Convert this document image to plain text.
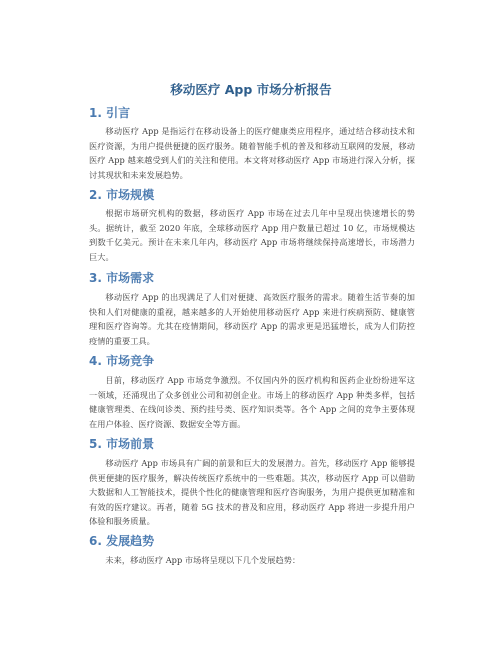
移动医疗 App 市场分析报告
1. 引言
移动医疗 App 是指运行在移动设备上的医疗健康类应用程序，通过结合移动技术和医疗资源，为用户提供便捷的医疗服务。随着智能手机的普及和移动互联网的发展，移动医疗 App 越来越受到人们的关注和使用。本文将对移动医疗 App 市场进行深入分析，探讨其现状和未来发展趋势。
2. 市场规模
根据市场研究机构的数据，移动医疗 App 市场在过去几年中呈现出快速增长的势头。据统计，截至 2020 年底，全球移动医疗 App 用户数量已超过 10 亿，市场规模达到数千亿美元。预计在未来几年内，移动医疗 App 市场将继续保持高速增长，市场潜力巨大。
3. 市场需求
移动医疗 App 的出现满足了人们对便捷、高效医疗服务的需求。随着生活节奏的加快和人们对健康的重视，越来越多的人开始使用移动医疗 App 来进行疾病预防、健康管理和医疗咨询等。尤其在疫情期间，移动医疗 App 的需求更是迅猛增长，成为人们防控疫情的重要工具。
4. 市场竞争
目前，移动医疗 App 市场竞争激烈。不仅国内外的医疗机构和医药企业纷纷进军这一领域，还涌现出了众多创业公司和初创企业。市场上的移动医疗 App 种类多样，包括健康管理类、在线问诊类、预约挂号类、医疗知识类等。各个 App 之间的竞争主要体现在用户体验、医疗资源、数据安全等方面。
5. 市场前景
移动医疗 App 市场具有广阔的前景和巨大的发展潜力。首先，移动医疗 App 能够提供更便捷的医疗服务，解决传统医疗系统中的一些难题。其次，移动医疗 App 可以借助大数据和人工智能技术，提供个性化的健康管理和医疗咨询服务，为用户提供更加精准和有效的医疗建议。再者，随着 5G 技术的普及和应用，移动医疗 App 将进一步提升用户体验和服务质量。
6. 发展趋势
未来，移动医疗 App 市场将呈现以下几个发展趋势：
